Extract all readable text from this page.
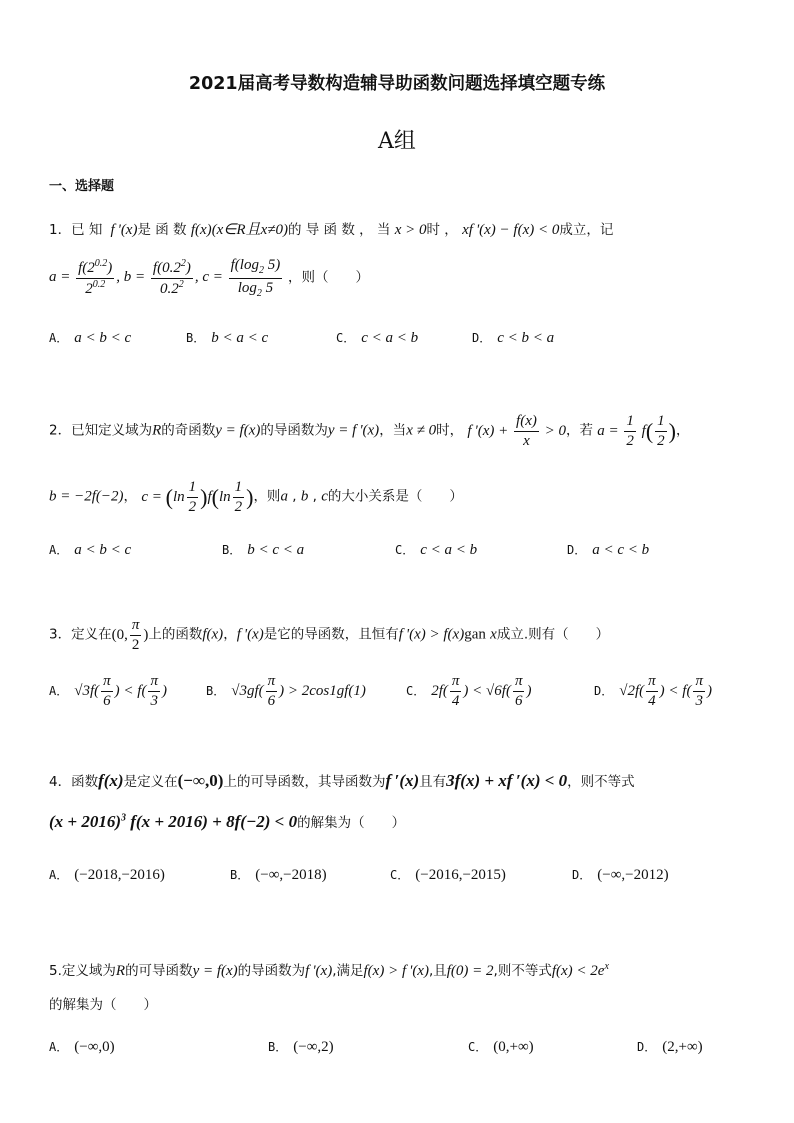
2021届高考导数构造辅导助函数问题选择填空题专练
A组
一、选择题
1．已 知  f '(x)是 函 数 f(x)(x∈R且x≠0)的 导 函 数 ， 当 x > 0时 ， xf '(x) − f(x) < 0成立，记
$a = \frac{f(2^{0.2})}{2^{0.2}}$ , $b = \frac{f(0.2^2)}{0.2^2}$ , $c = \frac{f(\log_2 5)}{\log_2 5}$ ，则（　　）
A． a < b < c	B． b < a < c	C． c < a < b	D． c < b < a
2．已知定义域为R的奇函数y = f(x)的导函数为y = f '(x)，当x ≠ 0时， f '$(x) + \frac{f(x)}{x} > 0$，若 $a = \frac{1}{2} f( \frac{1}{2}$ )，
b = −2f(−2)， $c = (\ln \frac{1}{2} )f(\ln \frac{1}{2}$ )，则a , b , c的大小关系是（　　）
A． a < b < c	B． b < c < a	C． c < a < b	D． a < c < b
3．定义在(0, $\frac{\pi}{2}$ )上的函数f(x)，f '(x)是它的导函数，且恒有f '(x) > f(x)gan x成立.则有（　　）
A． $√3f( \frac{\pi}{6}$ ) < $f( \frac{\pi}{3}$ )	B． $√3gf( \frac{\pi}{6}$ ) > 2cos1gf(1)	C． $2f( \frac{\pi}{4}$ ) < $√6f( \frac{\pi}{6}$ )	D． $√2f( \frac{\pi}{4}$ ) < $f( \frac{\pi}{3}$ )
4．函数f(x)是定义在(−∞,0)上的可导函数，其导函数为f ′(x)且有3f(x) + xf ′(x) < 0，则不等式
$(x + 2016)^3$ f(x + 2016) + 8f(−2) < 0的解集为（　　）
A． (−2018,−2016)	B． (−∞,−2018)	C． (−2016,−2015)	D． (−∞,−2012)
5.定义域为R的可导函数y = f(x)的导函数为f '(x),满足f(x) > f '(x),且f(0) = 2,则不等式$f(x) < 2e^x$
的解集为（　　）
A． (−∞,0)	B． (−∞,2)	C． (0,+∞)	D． (2,+∞)
